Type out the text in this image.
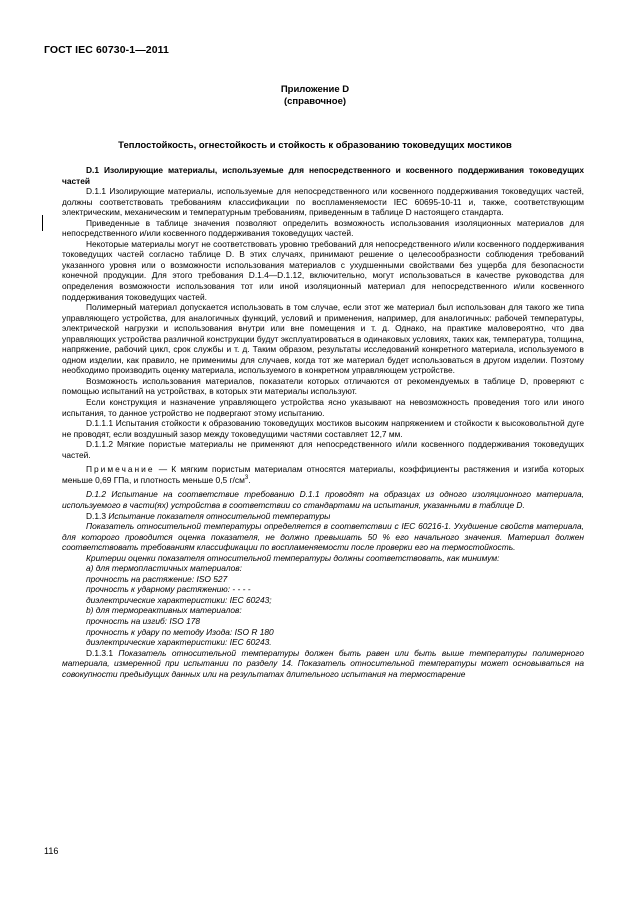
ГОСТ IEC 60730-1—2011
Приложение D
(справочное)
Теплостойкость, огнестойкость и стойкость к образованию токоведущих мостиков

D.1 Изолирующие материалы, используемые для непосредственного и косвенного поддерживания токоведущих частей

D.1.1 Изолирующие материалы, используемые для непосредственного или косвенного поддерживания токоведущих частей, должны соответствовать требованиям классификации по воспламеняемости IEC 60695-10-11 и, также, соответствующим электрическим, механическим и температурным требованиям, приведенным в таблице D настоящего стандарта.

Приведенные в таблице значения позволяют определить возможность использования изоляционных материалов для непосредственного и/или косвенного поддерживания токоведущих частей.

Некоторые материалы могут не соответствовать уровню требований для непосредственного и/или косвенного поддерживания токоведущих частей согласно таблице D. В этих случаях, принимают решение о целесообразности соблюдения требований указанного уровня или о возможности использования материалов с ухудшенными свойствами без ущерба для безопасности конечной продукции. Для этого требования D.1.4—D.1.12, включительно, могут использоваться в качестве руководства для определения возможности использования тот или иной изоляционный материал для непосредственного и/или косвенного поддерживания токоведущих частей.

Полимерный материал допускается использовать в том случае, если этот же материал был использован для такого же типа управляющего устройства, для аналогичных функций, условий и применения, например, для аналогичных: рабочей температуры, электрической нагрузки и использования внутри или вне помещения и т. д. Однако, на практике маловероятно, что два управляющих устройства различной конструкции будут эксплуатироваться в одинаковых условиях, таких как, температура, толщина, напряжение, рабочий цикл, срок службы и т. д. Таким образом, результаты исследований конкретного материала, используемого в одном изделии, как правило, не применимы для случаев, когда тот же материал будет использоваться в другом изделии. Поэтому необходимо производить оценку материала, используемого в конкретном управляющем устройстве.

Возможность использования материалов, показатели которых отличаются от рекомендуемых в таблице D, проверяют с помощью испытаний на устройствах, в которых эти материалы используют.

Если конструкция и назначение управляющего устройства ясно указывают на невозможность проведения того или иного испытания, то данное устройство не подвергают этому испытанию.

D.1.1.1 Испытания стойкости к образованию токоведущих мостиков высоким напряжением и стойкости к высоковольтной дуге не проводят, если воздушный зазор между токоведущими частями составляет 12,7 мм.

D.1.1.2 Мягкие пористые материалы не применяют для непосредственного и/или косвенного поддерживания токоведущих частей.

Примечание — К мягким пористым материалам относятся материалы, коэффициенты растяжения и изгиба которых меньше 0,69 ГПа, и плотность меньше 0,5 $г/см^3$.

D.1.2 Испытание на соответствие требованию D.1.1 проводят на образцах из одного изоляционного материала, используемого в части(ях) устройства в соответствии со стандартами на испытания, указанными в таблице D.

D.1.3 Испытание показателя относительной температуры

Показатель относительной температуры определяется в соответствии с IEC 60216-1. Ухудшение свойств материала, для которого проводится оценка показателя, не должно превышать 50 % его начального значения. Материал должен соответствовать требованиям классификации по воспламеняемости после проверки его на термостойкость.

Критерии оценки показателя относительной температуры должны соответствовать, как минимум:

a) для термопластичных материалов:

прочность на растяжение: ISO 527

прочность к ударному растяжению: - - - -

диэлектрические характеристики: IEC 60243;

b) для термореактивных материалов:

прочность на изгиб: ISO 178

прочность к удару по методу Изода: ISO R 180

диэлектрические характеристики: IEC 60243.

D.1.3.1 Показатель относительной температуры должен быть равен или быть выше температуры полимерного материала, измеренной при испытании по разделу 14. Показатель относительной температуры может основываться на совокупности предыдущих данных или на результатах длительного испытания на термостарение

116
